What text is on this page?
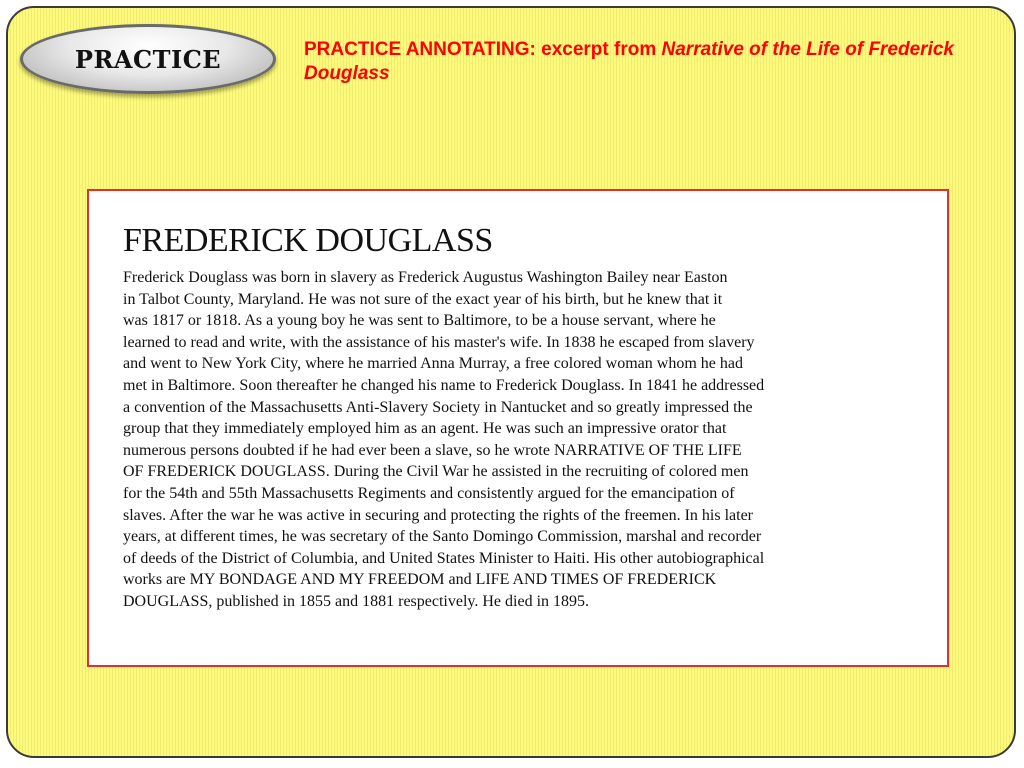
PRACTICE	PRACTICE ANNOTATING: excerpt from Narrative of the Life of Frederick Douglass
FREDERICK DOUGLASS
Frederick Douglass was born in slavery as Frederick Augustus Washington Bailey near Easton
in Talbot County, Maryland. He was not sure of the exact year of his birth, but he knew that it
was 1817 or 1818. As a young boy he was sent to Baltimore, to be a house servant, where he
learned to read and write, with the assistance of his master's wife. In 1838 he escaped from slavery
and went to New York City, where he married Anna Murray, a free colored woman whom he had
met in Baltimore. Soon thereafter he changed his name to Frederick Douglass. In 1841 he addressed
a convention of the Massachusetts Anti-Slavery Society in Nantucket and so greatly impressed the
group that they immediately employed him as an agent. He was such an impressive orator that
numerous persons doubted if he had ever been a slave, so he wrote NARRATIVE OF THE LIFE
OF FREDERICK DOUGLASS. During the Civil War he assisted in the recruiting of colored men
for the 54th and 55th Massachusetts Regiments and consistently argued for the emancipation of
slaves. After the war he was active in securing and protecting the rights of the freemen. In his later
years, at different times, he was secretary of the Santo Domingo Commission, marshal and recorder
of deeds of the District of Columbia, and United States Minister to Haiti. His other autobiographical
works are MY BONDAGE AND MY FREEDOM and LIFE AND TIMES OF FREDERICK
DOUGLASS, published in 1855 and 1881 respectively. He died in 1895.
